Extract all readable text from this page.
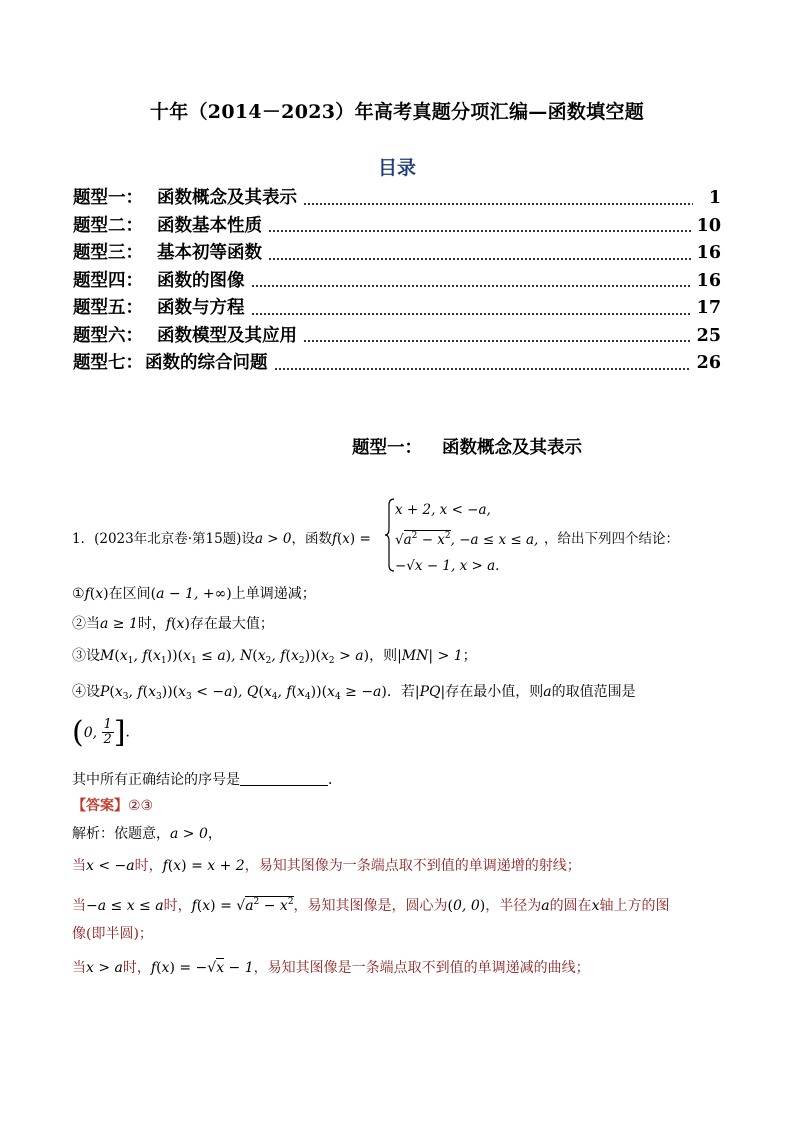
十年（2014－2023）年高考真题分项汇编—函数填空题
目录
题型一： 函数概念及其表示	1
题型二： 函数基本性质	10
题型三： 基本初等函数	16
题型四： 函数的图像	16
题型五： 函数与方程	17
题型六： 函数模型及其应用	25
题型七： 函数的综合问题	26
题型一： 函数概念及其表示
1．(2023年北京卷·第15题)设a > 0，函数f(x) =
x + 2, x < −a,
$√a^2 - x^2$, −a ≤ x ≤ a,
−√x − 1, x > a.
，给出下列四个结论：
①f(x)在区间(a − 1, +∞)上单调递减；
②当a ≥ 1时，f(x)存在最大值；
③设$M(x_1$, $f(x_1))(x_1 \le a)$, $N(x_2$, $f(x_2))(x_2 > a)$，则|MN| > 1；
④设$P(x_3$, $f(x_3))(x_3 < -a)$, $Q(x_4$, $f(x_4))(x_4 \ge -a)$．若|PQ|存在最小值，则a的取值范围是
(0, $\frac{1}{2}$ ]．
其中所有正确结论的序号是	．
【答案】②③
解析：依题意，a > 0，
当x < −a时，f(x) = x + 2，易知其图像为一条端点取不到值的单调递增的射线；
当−a ≤ x ≤ a时，$f(x) = √a^2 - x^2$，易知其图像是，圆心为(0, 0)，半径为a的圆在x轴上方的图
像(即半圆)；
当x > a时，f(x) = −√x − 1，易知其图像是一条端点取不到值的单调递减的曲线；
